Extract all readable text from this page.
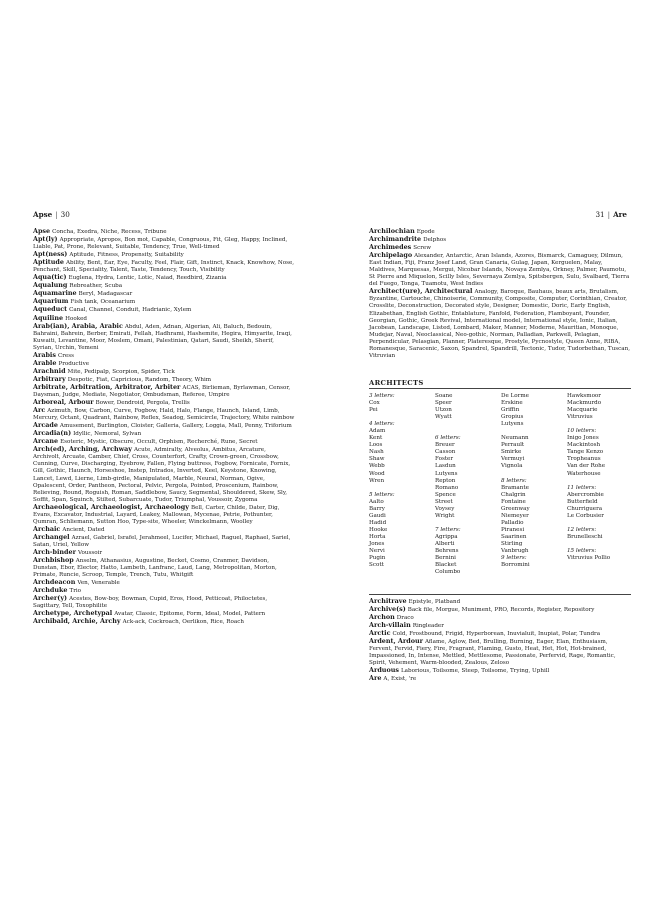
Apse | 30	31 | Are
Apse Concha, Exedra, Niche, Recess, Tribune
Apt(ly) Appropriate, Apropos, Bon mot, Capable, Congruous, Fit, Gleg, Happy, Inclined, Liable, Pat, Prone, Relevant, Suitable, Tendency, True, Well-timed
Apt(ness) Aptitude, Fitness, Propensity, Suitability
Aptitude Ability, Bent, Ear, Eye, Faculty, Feel, Flair, Gift, Instinct, Knack, Knowhow, Nose, Penchant, Skill, Speciality, Talent, Taste, Tendency, Touch, Visibility
Aqua(tic) Euglena, Hydra, Lentic, Lotic, Naiad, Reedbird, Zizania
Aqualung Rebreather, Scuba
Aquamarine Beryl, Madagascar
Aquarium Fish tank, Oceanarium
Aqueduct Canal, Channel, Conduit, Hadrianic, Xylem
Aquiline Hooked
Arab(ian), Arabia, Arabic Abdul, Aden, Adnan, Algerian, Ali, Baluch, Bedouin, Bahraini, Bahrein, Berber, Emirati, Fellah, Hadhrami, Hashemite, Hegira, Himyarite, Iraqi, Kuwaiti, Levantine, Moor, Moslem, Omani, Palestinian, Qatari, Saudi, Sheikh, Sherif, Syrian, Urchin, Yemeni
Arabis Cress
Arable Productive
Arachnid Mite, Pedipalp, Scorpion, Spider, Tick
Arbitrary Despotic, Fiat, Capricious, Random, Theory, Whim
Arbitrate, Arbitration, Arbitrator, Arbiter ACAS, Birlieman, Byrlawman, Censor, Daysman, Judge, Mediate, Negotiator, Ombudsman, Referee, Umpire
Arboreal, Arbour Bower, Dendroid, Pergola, Trellis
Arc Azimuth, Bow, Carbon, Curve, Fogbow, Hald, Halo, Flange, Haunch, Island, Limb, Mercury, Octant, Quadrant, Rainbow, Reflex, Seadog, Semicircle, Trajectory, White rainbow
Arcade Amusement, Burlington, Cloister, Galleria, Gallery, Loggia, Mall, Penny, Triforium
Arcadia(n) Idyllic, Nemoral, Sylvan
Arcane Esoteric, Mystic, Obscure, Occult, Orphism, Recherché, Rune, Secret
Arch(ed), Arching, Archway Acute, Admiralty, Alveolus, Ambitus, Arcature, Archivolt, Arcuate, Camber, Chief, Cross, Counterfort, Crafty, Crown-green, Crossbow, Cunning, Curve, Discharging, Eyebrow, Fallen, Flying buttress, Fogbow, Fornicate, Fornix, Gill, Gothic, Haunch, Horseshoe, Instep, Intrados, Inverted, Keel, Keystone, Knowing, Lancet, Lewd, Lierne, Limb-girdle, Manipulated, Marble, Neural, Norman, Ogive, Opalescent, Order, Pantheon, Pectoral, Pelvic, Pergola, Pointed, Proscenium, Rainbow, Relieving, Round, Roguish, Roman, Saddlebow, Saucy, Segmental, Shouldered, Skew, Sly, Soffit, Span, Squinch, Stilted, Subarcuate, Tudor, Triumphal, Voussoir, Zygoma
Archaeological, Archaeologist, Archaeology Bell, Carter, Childe, Dater, Dig, Evans, Excavator, Industrial, Layard, Leakey, Mallowan, Mycenae, Petrie, Pothunter, Qumran, Schliemann, Sutton Hoo, Type-site, Wheeler, Winckelmann, Woolley
Archaic Ancient, Dated
Archangel Azrael, Gabriel, Israfel, Jerahmeel, Lucifer, Michael, Raguel, Raphael, Sariel, Satan, Uriel, Yellow
Arch-binder Voussoir
Archbishop Anselm, Athanasius, Augustine, Becket, Cosmo, Cranmer, Davidson, Dunstan, Ebor, Elector, Hatto, Lambeth, Lanfranc, Laud, Lang, Metropolitan, Morton, Primate, Runcie, Scroop, Temple, Trench, Tutu, Whitgift
Archdeacon Ven, Venerable
Archduke Trio
Archer(y) Acestes, Bow-boy, Bowman, Cupid, Eros, Hood, Petticoat, Philoctetes, Sagittary, Tell, Toxophilite
Archetype, Archetypal Avatar, Classic, Epitome, Form, Ideal, Model, Pattern
Archibald, Archie, Archy Ack-ack, Cockroach, Oerlikon, Rice, Roach
Archilochian Epode
Archimandrite Delphos
Archimedes Screw
Archipelago Alexander, Antarctic, Aran Islands, Azores, Bismarck, Camaguey, Dilmun, East Indian, Fiji, Franz Josef Land, Gran Canaria, Gulag, Japan, Kerguelen, Malay, Maldives, Marquesas, Mergui, Nicobar Islands, Novaya Zemlya, Orkney, Palmer, Paumotu, St Pierre and Miquelon, Scilly Isles, Severnaya Zemlya, Spitsbergen, Sulu, Svalbard, Tierra del Fuego, Tonga, Tuamotu, West Indies
Architect(ure), Architectural Analogy, Baroque, Bauhaus, beaux arts, Brutalism, Byzantine, Cartouche, Chinoiserie, Community, Composite, Computer, Corinthian, Creator, Crosslite, Deconstruction, Decorated style, Designer, Domestic, Doric, Early English, Elizabethan, English Gothic, Entablature, Fanfold, Federation, Flamboyant, Founder, Georgian, Gothic, Greek Revival, International model, International style, Ionic, Italian, Jacobean, Landscape, Listed, Lombard, Maker, Manner, Moderne, Mauritian, Monoque, Mudejar, Naval, Neoclassical, Neo-gothic, Norman, Palladian, Parkwell, Pelagian, Perpendicular, Pelasgian, Planner, Plateresque, Prostyle, Pycnostyle, Queen Anne, RIBA, Romanesque, Saracenic, Saxon, Spandrel, Spandrill, Tectonic, Tudor, Tudorbethan, Tuscan, Vitruvian
ARCHITECTS
3 letters:
Cox
Pei

4 letters:
Adam
Kent
Loos
Nash
Shaw
Webb
Wood
Wren

5 letters:
Aalto
Barry
Gaudi
Hadid
Hooke
Horta
Jones
Nervi
Pugin
Scott
Soane
Speer
Utzon
Wyatt

6 letters:
Breuer
Casson
Foster
Lasdun
Lutyens
Repton
Romano
Spence
Street
Voysey
Wright

7 letters:
Agrippa
Alberti
Behrens
Bernini
Blacket
Columbo
De Lorme
Erskine
Griffin
Gropius
Lutyens

Neumann
Perrault
Smirke
Vermuyi
Vignola

8 letters:
Bramante
Chalgrin
Fontaine
Greenway
Niemeyer
Palladio
Piranesi
Saarinen
Stirling
Vanbrugh
9 letters:
Borromini
Hawksmoor
Mackmurdo
Macquarie
Vitruvius

10 letters:
Inigo Jones
Mackintosh
Tange Kenzo
Tropheanus
Van der Rohe
Waterhouse

11 letters:
Abercrombie
Butterfield
Churriguera
Le Corbusier

12 letters:
Brunelleschi

15 letters:
Vitruvius Pollio
Architrave Epistyle, Platband
Archive(s) Back file, Morgue, Muniment, PRO, Records, Register, Repository
Archon Draco
Arch-villain Ringleader
Arctic Cold, Frostbound, Frigid, Hyperborean, Inuvialuit, Inupiat, Polar, Tundra
Ardent, Ardour Aflame, Aglow, Bed, Brulling, Burning, Eager, Elan, Enthusiasm, Fervent, Fervid, Fiery, Fire, Fragrant, Flaming, Gusto, Heat, Het, Hot, Hot-brained, Impassioned, In, Intense, Mettled, Mettlesome, Passionate, Perfervid, Rage, Romantic, Spirit, Vehement, Warm-blooded, Zealous, Zeloso
Arduous Laborious, Toilsome, Steep, Toilsome, Trying, Uphill
Are A, Exist, 're
